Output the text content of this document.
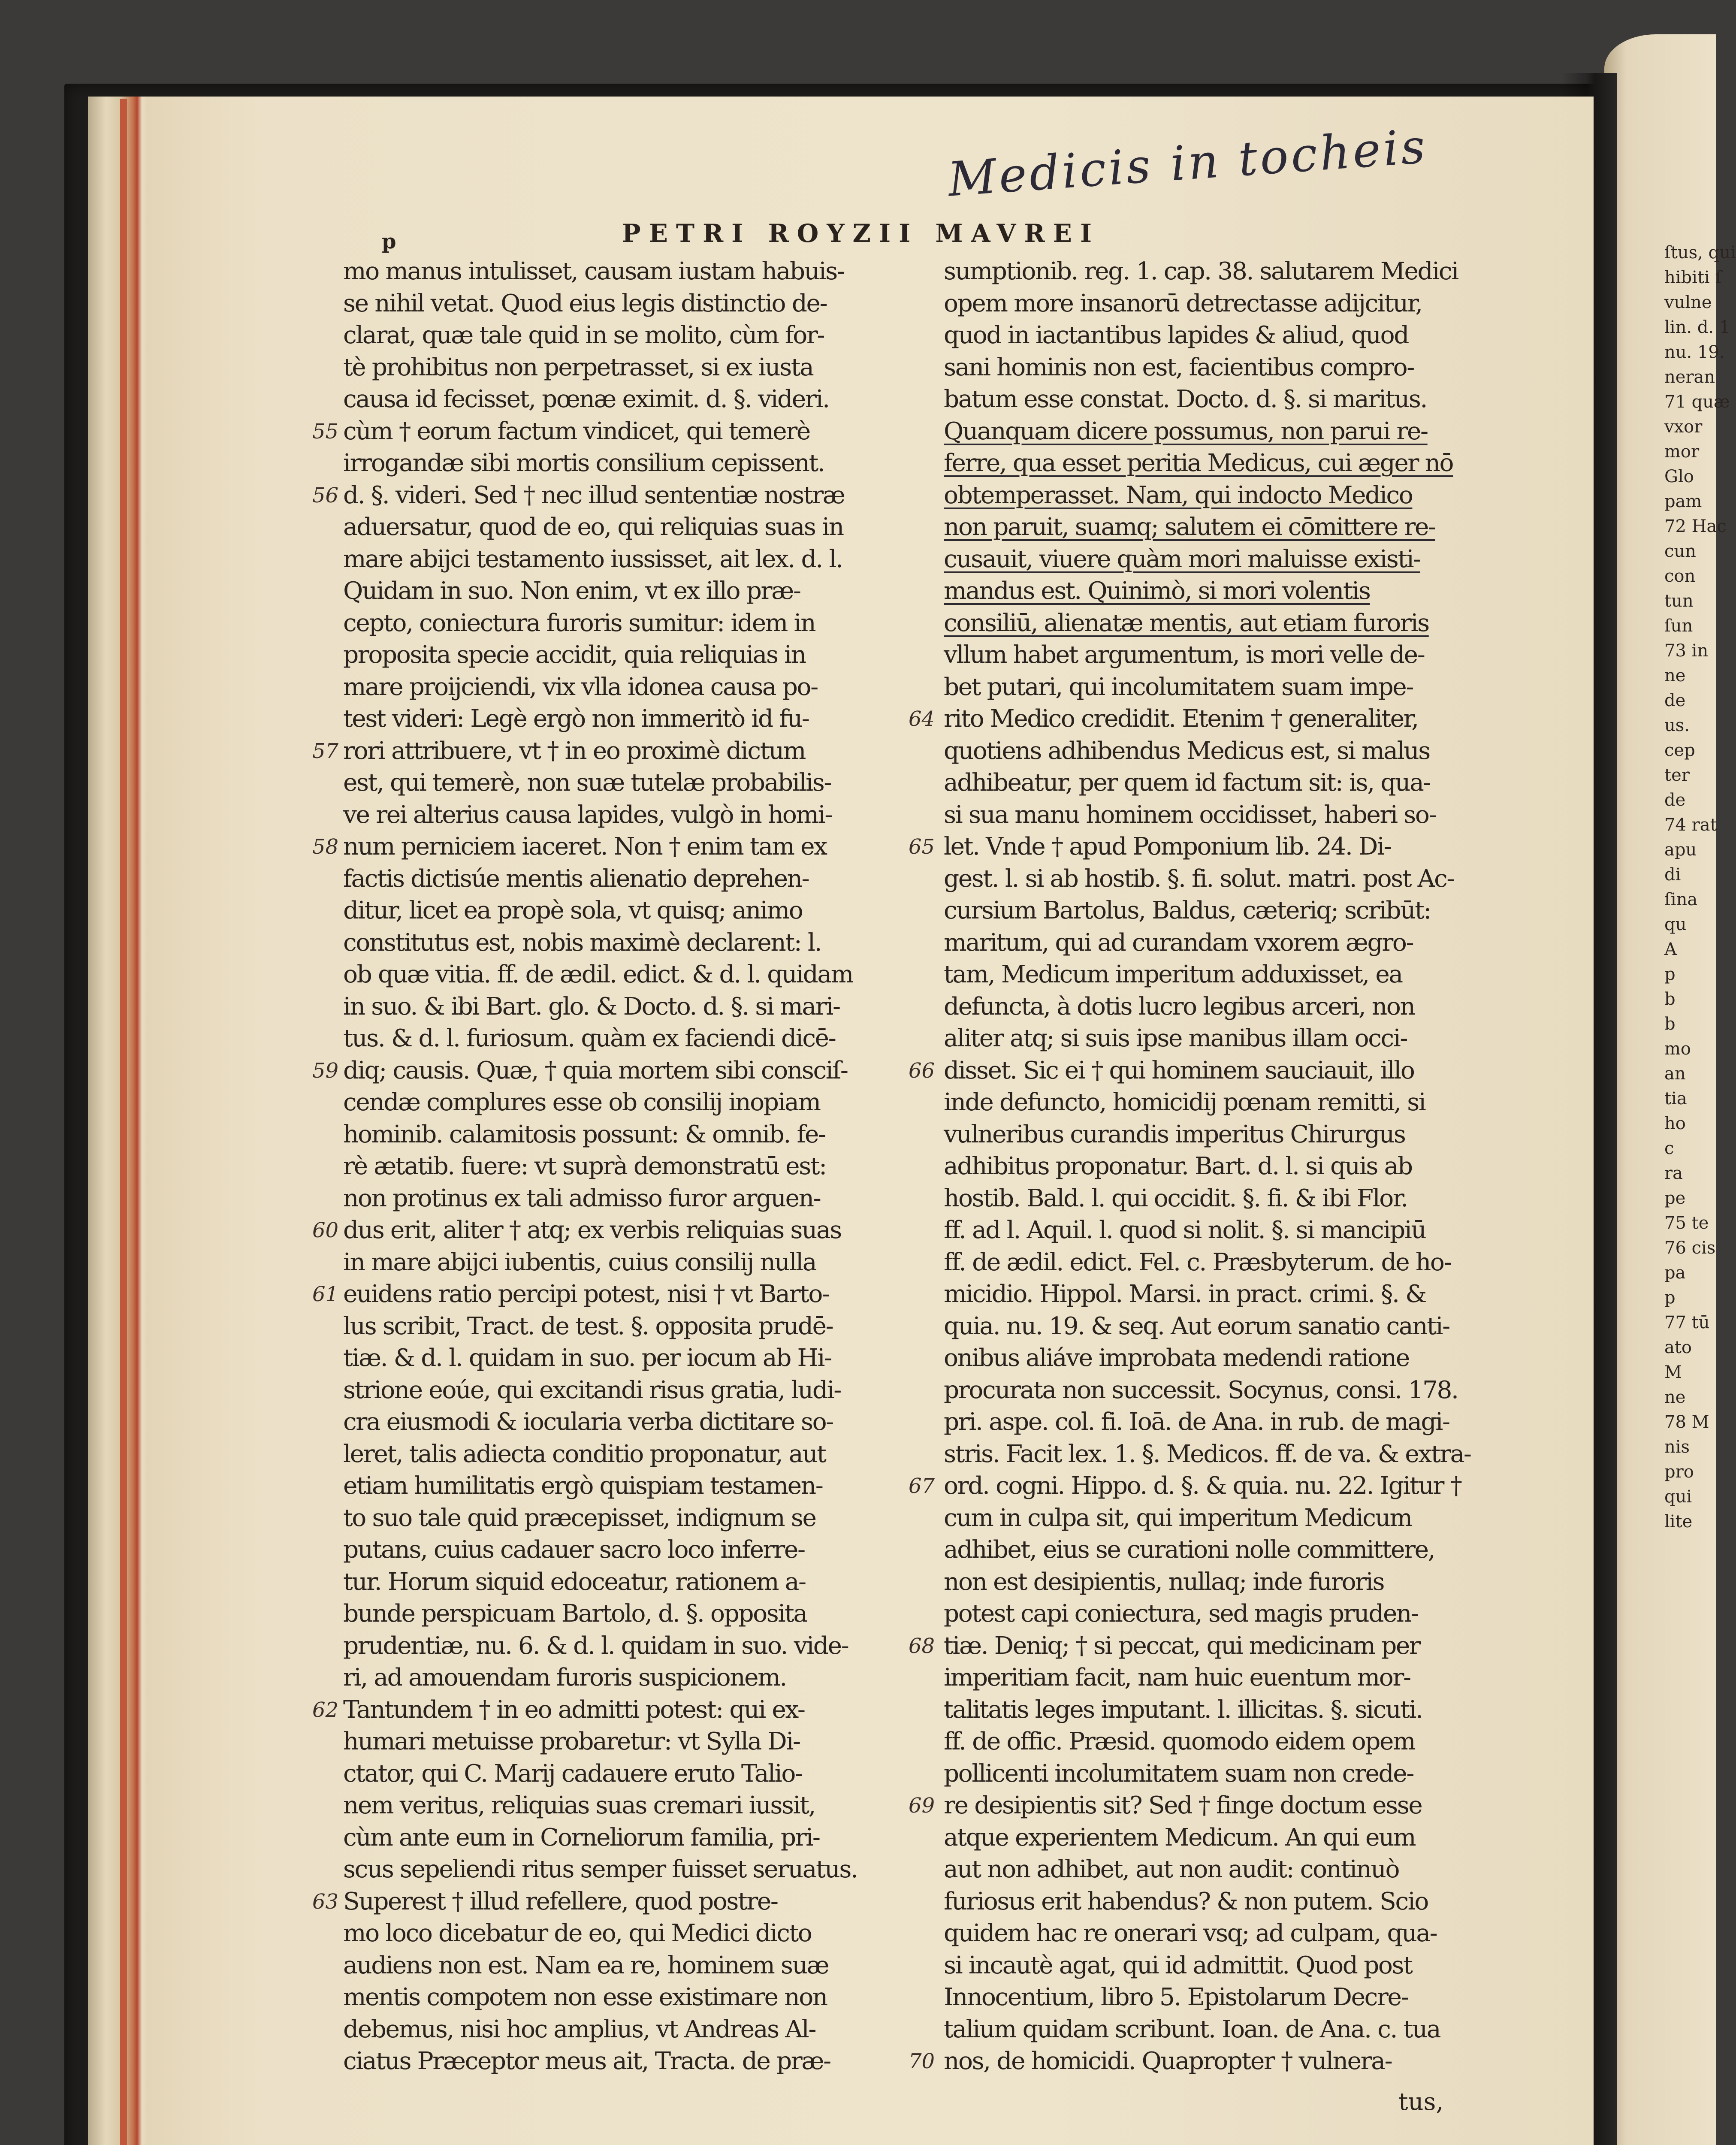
ſtus, qui
hibiti ſ
vulne
lin. d. 1
nu. 19.
neran
71 quæ
vxor
mor
Glo
pam
72 Hac
cun
con
tun
ſun
73 in
ne
de
us.
cep
ter
de
74 rat
apu
di
ſina
qu
A
p
b
b
mo
an
tia
ho
c
ra
pe
75 te
76 cis
pa
p
77 tū
ato
M
ne
78 M
nis
pro
qui
lite
Medicis in tocheis
p	PETRI ROYZII MAVREI
mo manus intulisset, causam iustam habuis-
se nihil vetat. Quod eius legis distinctio de-
clarat, quæ tale quid in se molito, cùm for-
tè prohibitus non perpetrasset, si ex iusta
causa id fecisset, pœnæ eximit. d. §. videri.
55 cùm † eorum factum vindicet, qui temerè
irrogandæ sibi mortis consilium cepissent.
56 d. §. videri. Sed † nec illud sententiæ nostræ
aduersatur, quod de eo, qui reliquias suas in
mare abijci testamento iussisset, ait lex. d. l.
Quidam in suo. Non enim, vt ex illo præ-
cepto, coniectura furoris sumitur: idem in
proposita specie accidit, quia reliquias in
mare proijciendi, vix vlla idonea causa po-
test videri: Legè ergò non immeritò id fu-
57 rori attribuere, vt † in eo proximè dictum
est, qui temerè, non suæ tutelæ probabilis-
ve rei alterius causa lapides, vulgò in homi-
58 num perniciem iaceret. Non † enim tam ex
factis dictisúe mentis alienatio deprehen-
ditur, licet ea propè sola, vt quisq; animo
constitutus est, nobis maximè declarent: l.
ob quæ vitia. ff. de ædil. edict. & d. l. quidam
in suo. & ibi Bart. glo. & Docto. d. §. si mari-
tus. & d. l. furiosum. quàm ex faciendi dicē-
59 diq; causis. Quæ, † quia mortem sibi consciſ-
cendæ complures esse ob consilij inopiam
hominib. calamitosis possunt: & omnib. fe-
rè ætatib. fuere: vt suprà demonstratū est:
non protinus ex tali admisso furor arguen-
60 dus erit, aliter † atq; ex verbis reliquias suas
in mare abijci iubentis, cuius consilij nulla
61 euidens ratio percipi potest, nisi † vt Barto-
lus scribit, Tract. de test. §. opposita prudē-
tiæ. & d. l. quidam in suo. per iocum ab Hi-
strione eoúe, qui excitandi risus gratia, ludi-
cra eiusmodi & iocularia verba dictitare so-
leret, talis adiecta conditio proponatur, aut
etiam humilitatis ergò quispiam testamen-
to suo tale quid præcepisset, indignum se
putans, cuius cadauer sacro loco inferre-
tur. Horum siquid edoceatur, rationem a-
bunde perspicuam Bartolo, d. §. opposita
prudentiæ, nu. 6. & d. l. quidam in suo. vide-
ri, ad amouendam furoris suspicionem.
62 Tantundem † in eo admitti potest: qui ex-
humari metuisse probaretur: vt Sylla Di-
ctator, qui C. Marij cadauere eruto Talio-
nem veritus, reliquias suas cremari iussit,
cùm ante eum in Corneliorum familia, pri-
scus sepeliendi ritus semper fuisset seruatus.
63 Superest † illud refellere, quod postre-
mo loco dicebatur de eo, qui Medici dicto
audiens non est. Nam ea re, hominem suæ
mentis compotem non esse existimare non
debemus, nisi hoc amplius, vt Andreas Al-
ciatus Præceptor meus ait, Tracta. de præ-
sumptionib. reg. 1. cap. 38. salutarem Medici
opem more insanorū detrectasse adijcitur,
quod in iactantibus lapides & aliud, quod
sani hominis non est, facientibus compro-
batum esse constat. Docto. d. §. si maritus.
Quanquam dicere possumus, non parui re-
ferre, qua esset peritia Medicus, cui æger nō
obtemperasset. Nam, qui indocto Medico
non paruit, suamq; salutem ei cōmittere re-
cusauit, viuere quàm mori maluisse existi-
mandus est. Quinimò, si mori volentis
consiliū, alienatæ mentis, aut etiam furoris
vllum habet argumentum, is mori velle de-
bet putari, qui incolumitatem suam impe-
64 rito Medico credidit. Etenim † generaliter,
quotiens adhibendus Medicus est, si malus
adhibeatur, per quem id factum sit: is, qua-
si sua manu hominem occidisset, haberi so-
65 let. Vnde † apud Pomponium lib. 24. Di-
gest. l. si ab hostib. §. fi. solut. matri. post Ac-
cursium Bartolus, Baldus, cæteriq; scribūt:
maritum, qui ad curandam vxorem ægro-
tam, Medicum imperitum adduxisset, ea
defuncta, à dotis lucro legibus arceri, non
aliter atq; si suis ipse manibus illam occi-
66 disset. Sic ei † qui hominem sauciauit, illo
inde defuncto, homicidij pœnam remitti, si
vulneribus curandis imperitus Chirurgus
adhibitus proponatur. Bart. d. l. si quis ab
hostib. Bald. l. qui occidit. §. fi. & ibi Flor.
ff. ad l. Aquil. l. quod si nolit. §. si mancipiū
ff. de ædil. edict. Fel. c. Præsbyterum. de ho-
micidio. Hippol. Marsi. in pract. crimi. §. &
quia. nu. 19. & seq. Aut eorum sanatio canti-
onibus aliáve improbata medendi ratione
procurata non successit. Socynus, consi. 178.
pri. aspe. col. fi. Ioā. de Ana. in rub. de magi-
stris. Facit lex. 1. §. Medicos. ff. de va. & extra-
67 ord. cogni. Hippo. d. §. & quia. nu. 22. Igitur †
cum in culpa sit, qui imperitum Medicum
adhibet, eius se curationi nolle committere,
non est desipientis, nullaq; inde furoris
potest capi coniectura, sed magis pruden-
68 tiæ. Deniq; † si peccat, qui medicinam per
imperitiam facit, nam huic euentum mor-
talitatis leges imputant. l. illicitas. §. sicuti.
ff. de offic. Præsid. quomodo eidem opem
pollicenti incolumitatem suam non crede-
69 re desipientis sit? Sed † finge doctum esse
atque experientem Medicum. An qui eum
aut non adhibet, aut non audit: continuò
furiosus erit habendus? & non putem. Scio
quidem hac re onerari vsq; ad culpam, qua-
si incautè agat, qui id admittit. Quod post
Innocentium, libro 5. Epistolarum Decre-
talium quidam scribunt. Ioan. de Ana. c. tua
70 nos, de homicidi. Quapropter † vulnera-
tus,
